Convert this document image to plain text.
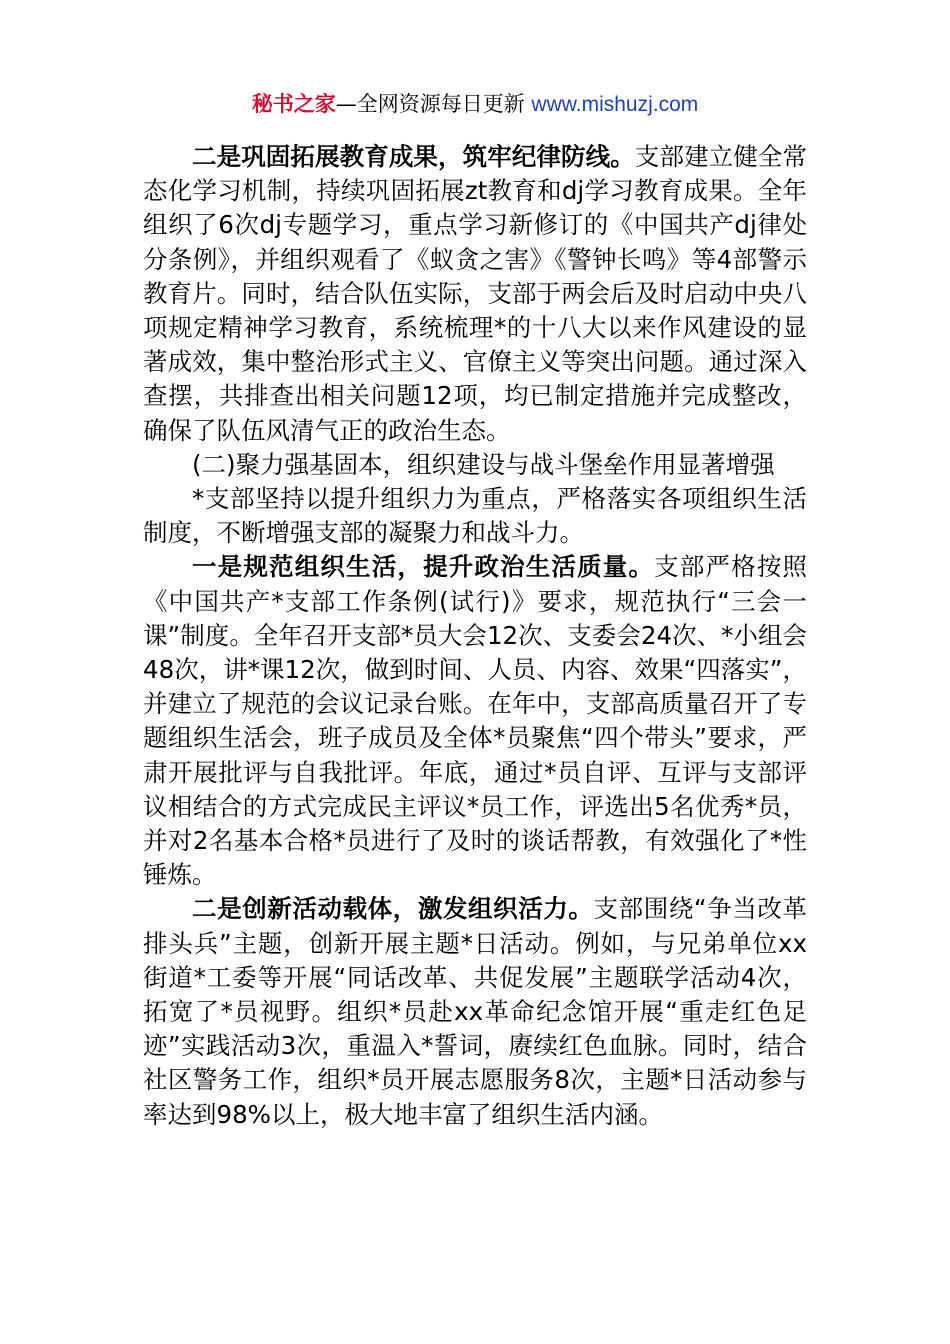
秘书之家—全网资源每日更新 www.mishuzj.com

二是巩固拓展教育成果，筑牢纪律防线。支部建立健全常态化学习机制，持续巩固拓展zt教育和dj学习教育成果。全年组织了6次dj专题学习，重点学习新修订的《中国共产dj律处分条例》，并组织观看了《蚁贪之害》《警钟长鸣》等4部警示教育片。同时，结合队伍实际，支部于两会后及时启动中央八项规定精神学习教育，系统梳理*的十八大以来作风建设的显著成效，集中整治形式主义、官僚主义等突出问题。通过深入查摆，共排查出相关问题12项，均已制定措施并完成整改，确保了队伍风清气正的政治生态。

(二)聚力强基固本，组织建设与战斗堡垒作用显著增强

*支部坚持以提升组织力为重点，严格落实各项组织生活制度，不断增强支部的凝聚力和战斗力。

一是规范组织生活，提升政治生活质量。支部严格按照《中国共产*支部工作条例(试行)》要求，规范执行“三会一课”制度。全年召开支部*员大会12次、支委会24次、*小组会48次，讲*课12次，做到时间、人员、内容、效果“四落实”，并建立了规范的会议记录台账。在年中，支部高质量召开了专题组织生活会，班子成员及全体*员聚焦“四个带头”要求，严肃开展批评与自我批评。年底，通过*员自评、互评与支部评议相结合的方式完成民主评议*员工作，评选出5名优秀*员，并对2名基本合格*员进行了及时的谈话帮教，有效强化了*性锤炼。

二是创新活动载体，激发组织活力。支部围绕“争当改革排头兵”主题，创新开展主题*日活动。例如，与兄弟单位xx街道*工委等开展“同话改革、共促发展”主题联学活动4次，拓宽了*员视野。组织*员赴xx革命纪念馆开展“重走红色足迹”实践活动3次，重温入*誓词，赓续红色血脉。同时，结合社区警务工作，组织*员开展志愿服务8次，主题*日活动参与率达到98%以上，极大地丰富了组织生活内涵。
